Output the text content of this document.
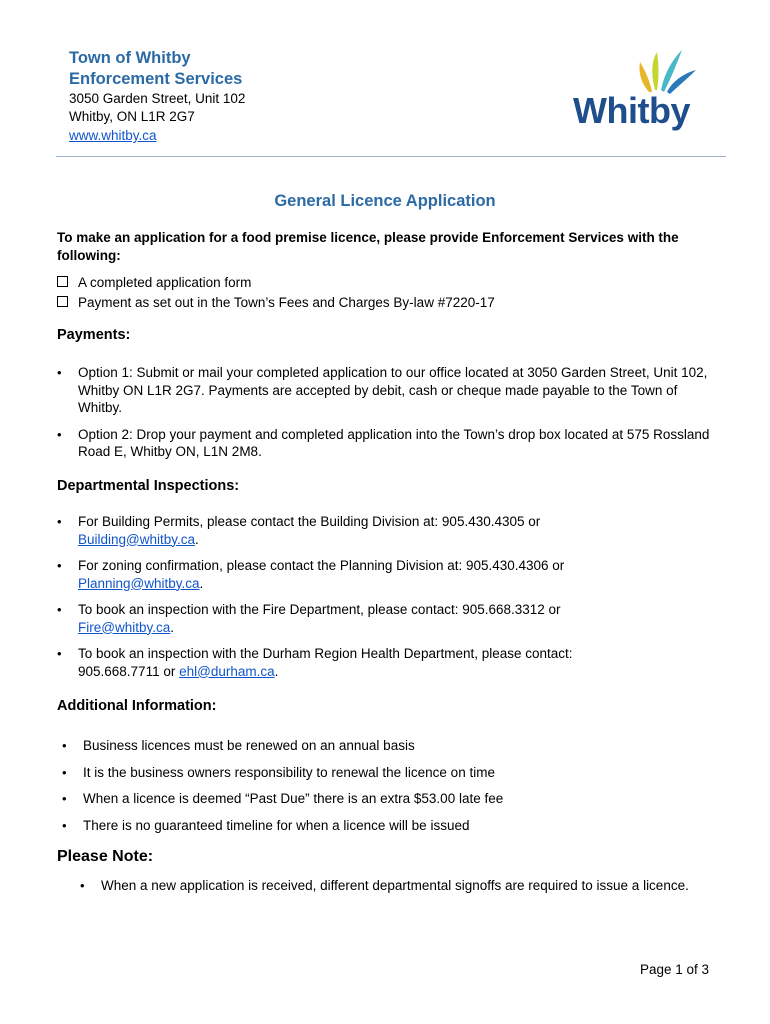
Town of Whitby
Enforcement Services
3050 Garden Street, Unit 102
Whitby, ON L1R 2G7
www.whitby.ca
Whitby
General Licence Application
To make an application for a food premise licence, please provide Enforcement Services with the following:
A completed application form
Payment as set out in the Town’s Fees and Charges By-law #7220-17
Payments:
• Option 1: Submit or mail your completed application to our office located at 3050 Garden Street, Unit 102, Whitby ON L1R 2G7. Payments are accepted by debit, cash or cheque made payable to the Town of Whitby.
• Option 2: Drop your payment and completed application into the Town’s drop box located at 575 Rossland Road E, Whitby ON, L1N 2M8.
Departmental Inspections:
• For Building Permits, please contact the Building Division at: 905.430.4305 or Building@whitby.ca.
• For zoning confirmation, please contact the Planning Division at: 905.430.4306 or Planning@whitby.ca.
• To book an inspection with the Fire Department, please contact: 905.668.3312 or Fire@whitby.ca.
• To book an inspection with the Durham Region Health Department, please contact: 905.668.7711 or ehl@durham.ca.
Additional Information:
• Business licences must be renewed on an annual basis
• It is the business owners responsibility to renewal the licence on time
• When a licence is deemed “Past Due” there is an extra $53.00 late fee
• There is no guaranteed timeline for when a licence will be issued
Please Note:
• When a new application is received, different departmental signoffs are required to issue a licence.
Page 1 of 3
